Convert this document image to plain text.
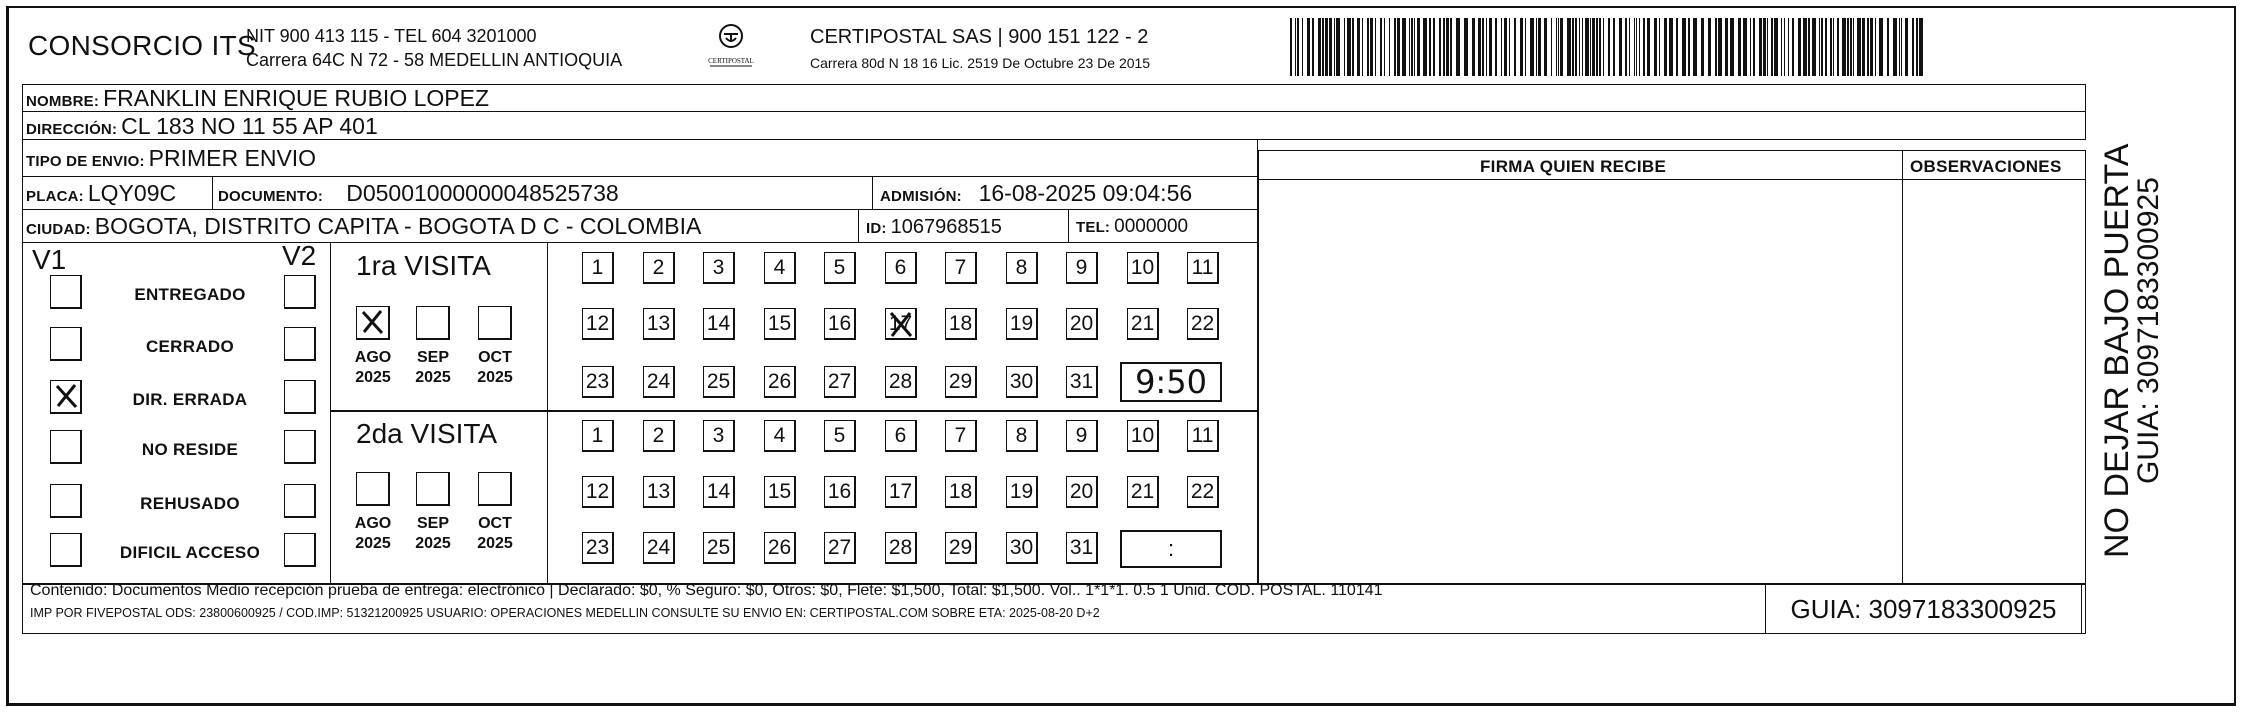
CONSORCIO ITS
NIT 900 413 115 - TEL 604 3201000
Carrera 64C N 72 - 58 MEDELLIN ANTIOQUIA	CERTIPOSTAL
CERTIPOSTAL SAS | 900 151 122 - 2
Carrera 80d N 18 16 Lic. 2519 De Octubre 23 De 2015
NOMBRE: FRANKLIN ENRIQUE RUBIO LOPEZ
DIRECCIÓN: CL 183 NO 11 55 AP 401
TIPO DE ENVIO: PRIMER ENVIO
PLACA: LQY09C	DOCUMENTO: D05001000000048525738	ADMISIÓN: 16-08-2025 09:04:56
CIUDAD: BOGOTA, DISTRITO CAPITA - BOGOTA D C - COLOMBIA	ID: 1067968515	TEL: 0000000
FIRMA QUIEN RECIBE	OBSERVACIONES
V1	V2
ENTREGADO
CERRADO
DIR. ERRADA
NO RESIDE
REHUSADO
DIFICIL ACCESO
1ra VISITA
2da VISITA
AGO
2025
SEP
2025
OCT
2025
AGO
2025
SEP
2025
OCT
2025
1	2	3	4	5	6	7	8	9	10 11
12 13 14 15 16 17 18 19 20 21 22
23 24 25 26 27 28 29 30 31
1	2	3	4	5	6	7	8	9	10 11
12 13 14 15 16 17 18 19 20 21 22
23 24 25 26 27 28 29 30 31
9:50
:
Contenido: Documentos Medio recepción prueba de entrega: electrónico | Declarado: $0, % Seguro: $0, Otros: $0, Flete: $1,500, Total: $1,500. Vol.. 1*1*1. 0.5 1 Unid. COD. POSTAL. 110141
IMP POR FIVEPOSTAL ODS: 23800600925 / COD.IMP: 51321200925 USUARIO: OPERACIONES MEDELLIN CONSULTE SU ENVIO EN: CERTIPOSTAL.COM SOBRE ETA: 2025-08-20 D+2	GUIA: 3097183300925
NO DEJAR BAJO PUERTA
GUIA: 3097183300925
